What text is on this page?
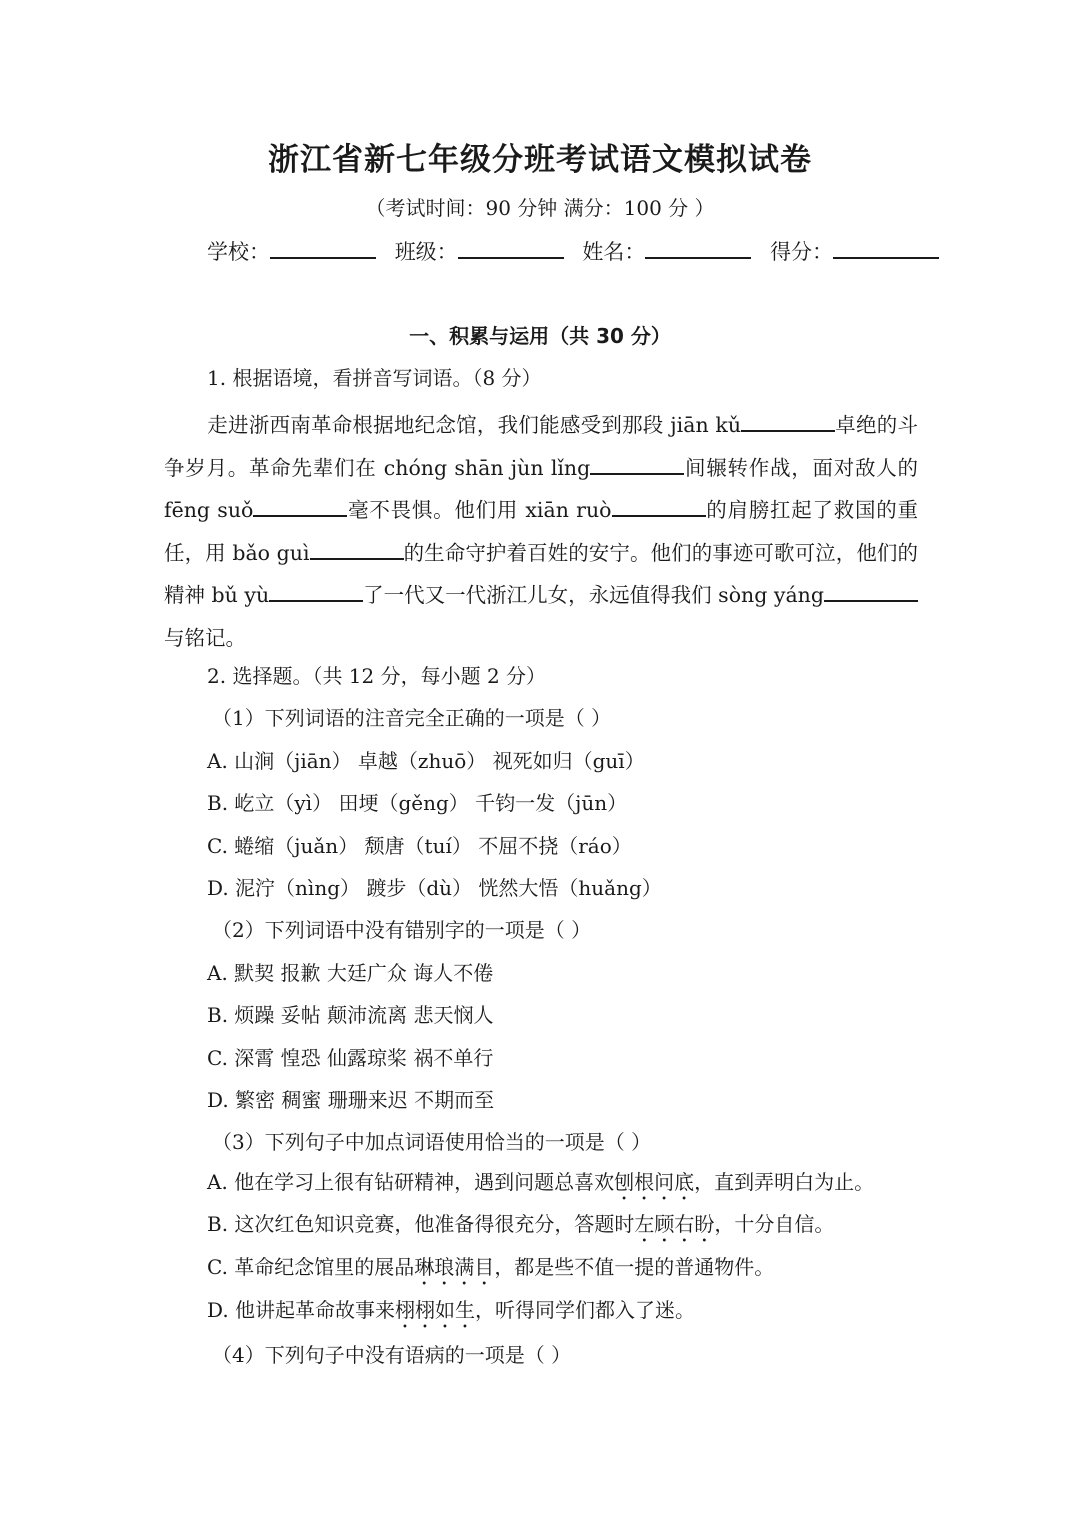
浙江省新七年级分班考试语文模拟试卷
（考试时间：90 分钟 满分：100 分 ）
学校：	班级：	姓名：	得分：
一、积累与运用（共 30 分）
1. 根据语境，看拼音写词语。（8 分）
走进浙西南革命根据地纪念馆，我们能感受到那段 jiān kǔ	卓绝的斗争岁月。革命先辈们在 chóng shān jùn lǐng	间辗转作战，面对敌人的 fēng suǒ	毫不畏惧。他们用 xiān ruò	的肩膀扛起了救国的重任，用 bǎo guì	的生命守护着百姓的安宁。他们的事迹可歌可泣，他们的精神 bǔ yù	了一代又一代浙江儿女，永远值得我们 sòng yáng与铭记。
2. 选择题。（共 12 分，每小题 2 分）
（1）下列词语的注音完全正确的一项是（ ）
A. 山涧（jiān） 卓越（zhuō） 视死如归（guī）
B. 屹立（yì） 田埂（gěng） 千钧一发（jūn）
C. 蜷缩（juǎn） 颓唐（tuí） 不屈不挠（ráo）
D. 泥泞（nìng） 踱步（dù） 恍然大悟（huǎng）
（2）下列词语中没有错别字的一项是（ ）
A. 默契 报歉 大廷广众 诲人不倦
B. 烦躁 妥帖 颠沛流离 悲天悯人
C. 深霄 惶恐 仙露琼桨 祸不单行
D. 繁密 稠蜜 珊珊来迟 不期而至
（3）下列句子中加点词语使用恰当的一项是（ ）
A. 他在学习上很有钻研精神，遇到问题总喜欢刨根问底，直到弄明白为止。
B. 这次红色知识竞赛，他准备得很充分，答题时左顾右盼，十分自信。
C. 革命纪念馆里的展品琳琅满目，都是些不值一提的普通物件。
D. 他讲起革命故事来栩栩如生，听得同学们都入了迷。
（4）下列句子中没有语病的一项是（ ）
